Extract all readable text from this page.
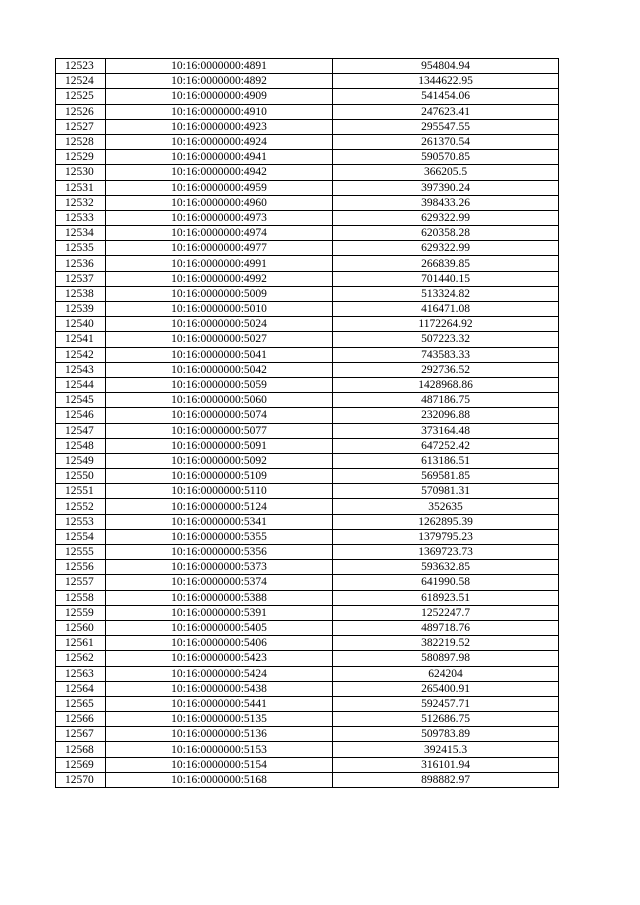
12523	10:16:0000000:4891	954804.94
12524	10:16:0000000:4892	1344622.95
12525	10:16:0000000:4909	541454.06
12526	10:16:0000000:4910	247623.41
12527	10:16:0000000:4923	295547.55
12528	10:16:0000000:4924	261370.54
12529	10:16:0000000:4941	590570.85
12530	10:16:0000000:4942	366205.5
12531	10:16:0000000:4959	397390.24
12532	10:16:0000000:4960	398433.26
12533	10:16:0000000:4973	629322.99
12534	10:16:0000000:4974	620358.28
12535	10:16:0000000:4977	629322.99
12536	10:16:0000000:4991	266839.85
12537	10:16:0000000:4992	701440.15
12538	10:16:0000000:5009	513324.82
12539	10:16:0000000:5010	416471.08
12540	10:16:0000000:5024	1172264.92
12541	10:16:0000000:5027	507223.32
12542	10:16:0000000:5041	743583.33
12543	10:16:0000000:5042	292736.52
12544	10:16:0000000:5059	1428968.86
12545	10:16:0000000:5060	487186.75
12546	10:16:0000000:5074	232096.88
12547	10:16:0000000:5077	373164.48
12548	10:16:0000000:5091	647252.42
12549	10:16:0000000:5092	613186.51
12550	10:16:0000000:5109	569581.85
12551	10:16:0000000:5110	570981.31
12552	10:16:0000000:5124	352635
12553	10:16:0000000:5341	1262895.39
12554	10:16:0000000:5355	1379795.23
12555	10:16:0000000:5356	1369723.73
12556	10:16:0000000:5373	593632.85
12557	10:16:0000000:5374	641990.58
12558	10:16:0000000:5388	618923.51
12559	10:16:0000000:5391	1252247.7
12560	10:16:0000000:5405	489718.76
12561	10:16:0000000:5406	382219.52
12562	10:16:0000000:5423	580897.98
12563	10:16:0000000:5424	624204
12564	10:16:0000000:5438	265400.91
12565	10:16:0000000:5441	592457.71
12566	10:16:0000000:5135	512686.75
12567	10:16:0000000:5136	509783.89
12568	10:16:0000000:5153	392415.3
12569	10:16:0000000:5154	316101.94
12570	10:16:0000000:5168	898882.97
